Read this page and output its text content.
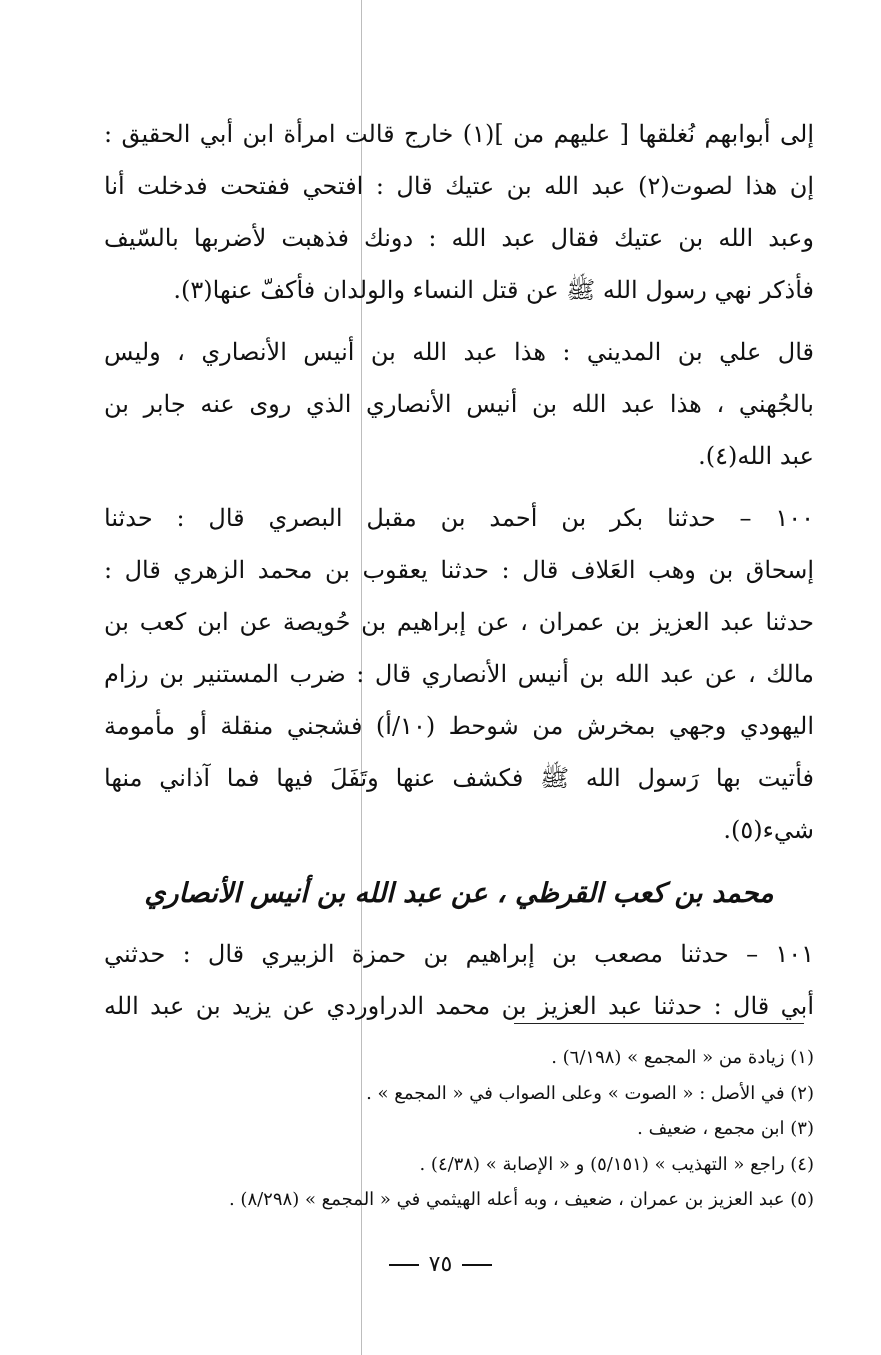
إلى أبوابهم نُغلقها [ عليهم من ](١) خارج قالت امرأة ابن أبي الحقيق :
إن هذا لصوت(٢) عبد الله بن عتيك قال : افتحي ففتحت فدخلت أنا
وعبد الله بن عتيك فقال عبد الله : دونك فذهبت لأضربها بالسّيف
فأذكر نهي رسول الله ﷺ عن قتل النساء والولدان فأكفّ عنها(٣).
قال علي بن المديني : هذا عبد الله بن أنيس الأنصاري ، وليس
بالجُهني ، هذا عبد الله بن أنيس الأنصاري الذي روى عنه جابر بن
عبد الله(٤).
١٠٠ – حدثنا بكر بن أحمد بن مقبل البصري قال : حدثنا
إسحاق بن وهب العَلاف قال : حدثنا يعقوب بن محمد الزهري قال :
حدثنا عبد العزيز بن عمران ، عن إبراهيم بن حُويصة عن ابن كعب بن
مالك ، عن عبد الله بن أنيس الأنصاري قال : ضرب المستنير بن رزام
اليهودي وجهي بمخرش من شوحط (١٠/أ) فشجني منقلة أو مأمومة
فأتيت بها رَسول الله ﷺ فكشف عنها وتَفَلَ فيها فما آذاني منها
شيء(٥).
محمد بن كعب القرظي ، عن عبد الله بن أنيس الأنصاري
١٠١ – حدثنا مصعب بن إبراهيم بن حمزة الزبيري قال : حدثني
أبي قال : حدثنا عبد العزيز بن محمد الدراوردي عن يزيد بن عبد الله
(١) زيادة من « المجمع » (٦/١٩٨) .
(٢) في الأصل : « الصوت » وعلى الصواب في « المجمع » .
(٣) ابن مجمع ، ضعيف .
(٤) راجع « التهذيب » (٥/١٥١) و « الإصابة » (٤/٣٨) .
(٥) عبد العزيز بن عمران ، ضعيف ، وبه أعله الهيثمي في « المجمع » (٨/٢٩٨) .
٧٥
